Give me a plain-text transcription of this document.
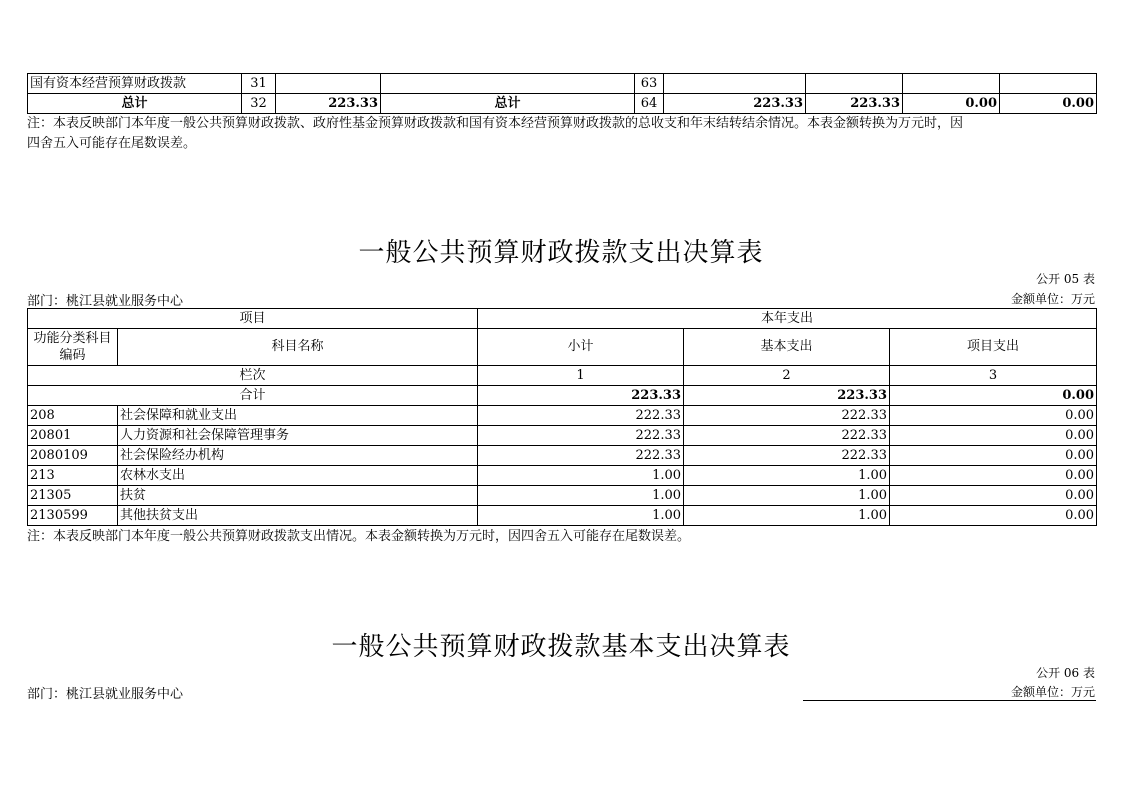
国有资本经营预算财政拨款	31			63				
总计	32	223.33	总计	64	223.33	223.33	0.00	0.00
注：本表反映部门本年度一般公共预算财政拨款、政府性基金预算财政拨款和国有资本经营预算财政拨款的总收支和年末结转结余情况。本表金额转换为万元时，因
四舍五入可能存在尾数误差。
一般公共预算财政拨款支出决算表
公开 05 表
部门：桃江县就业服务中心	金额单位：万元
项目		本年支出		
功能分类科目编码	科目名称	小计	基本支出	项目支出
栏次		1	2	3
合计		223.33	223.33	0.00
208	社会保障和就业支出	222.33	222.33	0.00
20801	人力资源和社会保障管理事务	222.33	222.33	0.00
2080109	社会保险经办机构	222.33	222.33	0.00
213	农林水支出	1.00	1.00	0.00
21305	扶贫	1.00	1.00	0.00
2130599	其他扶贫支出	1.00	1.00	0.00
注：本表反映部门本年度一般公共预算财政拨款支出情况。本表金额转换为万元时，因四舍五入可能存在尾数误差。
一般公共预算财政拨款基本支出决算表
公开 06 表
部门：桃江县就业服务中心	金额单位：万元
